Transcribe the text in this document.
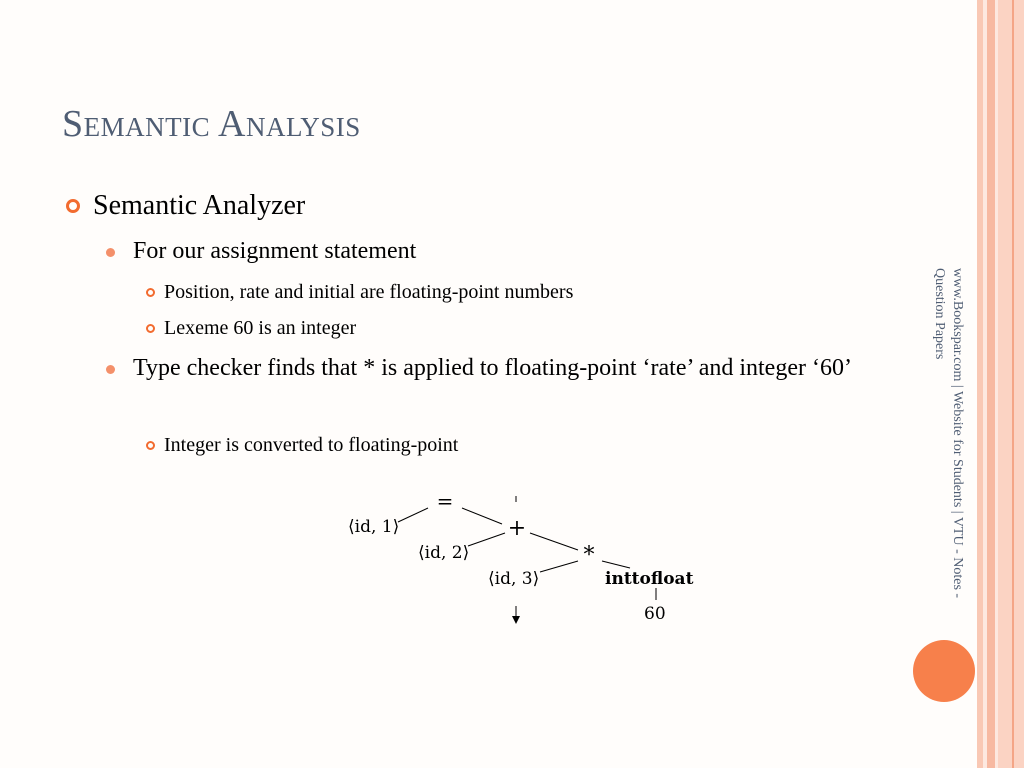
Semantic Analysis

Semantic Analyzer

For our assignment statement

Position, rate and initial are floating-point numbers

Lexeme 60 is an integer

Type checker finds that * is applied to floating-point ‘rate’ and integer ‘60’

Integer is converted to floating-point

=
+
*
⟨id, 1⟩
⟨id, 2⟩
⟨id, 3⟩	inttofloat
60
www.Bookspar.com | Website for Students | VTU - Notes - Question Papers
